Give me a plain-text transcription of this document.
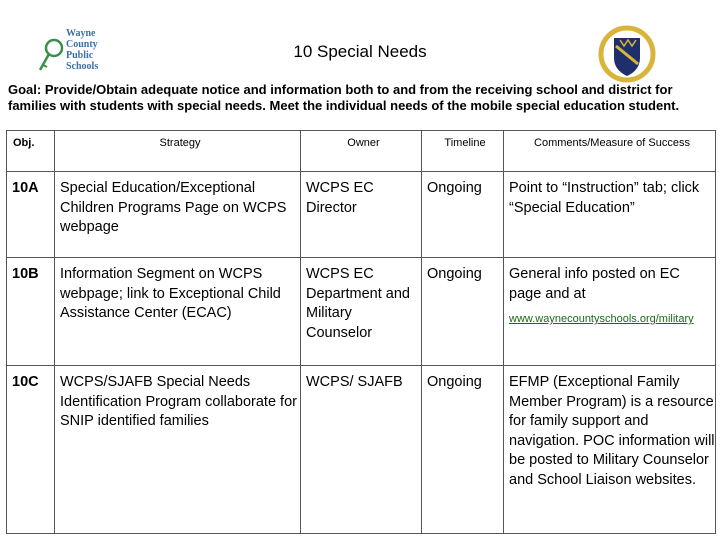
Wayne
County
Public
Schools
10 Special Needs
Goal: Provide/Obtain adequate notice and information both to and from the receiving school and district for families with students with special needs. Meet the individual needs of the mobile special education student.
Obj.	Strategy	Owner	Timeline	Comments/Measure of Success
10A	Special Education/Exceptional Children Programs Page on WCPS webpage	WCPS EC Director	Ongoing	Point to “Instruction” tab; click “Special Education”
10B	Information Segment on WCPS webpage; link to Exceptional Child Assistance Center (ECAC)	WCPS EC Department and Military Counselor	Ongoing	General info posted on EC page and at
www.waynecountyschools.org/military

10C	WCPS/SJAFB Special Needs Identification Program collaborate for SNIP identified families	WCPS/ SJAFB	Ongoing	EFMP (Exceptional Family Member Program) is a resource for family support and navigation. POC information will be posted to Military Counselor and School Liaison websites.
